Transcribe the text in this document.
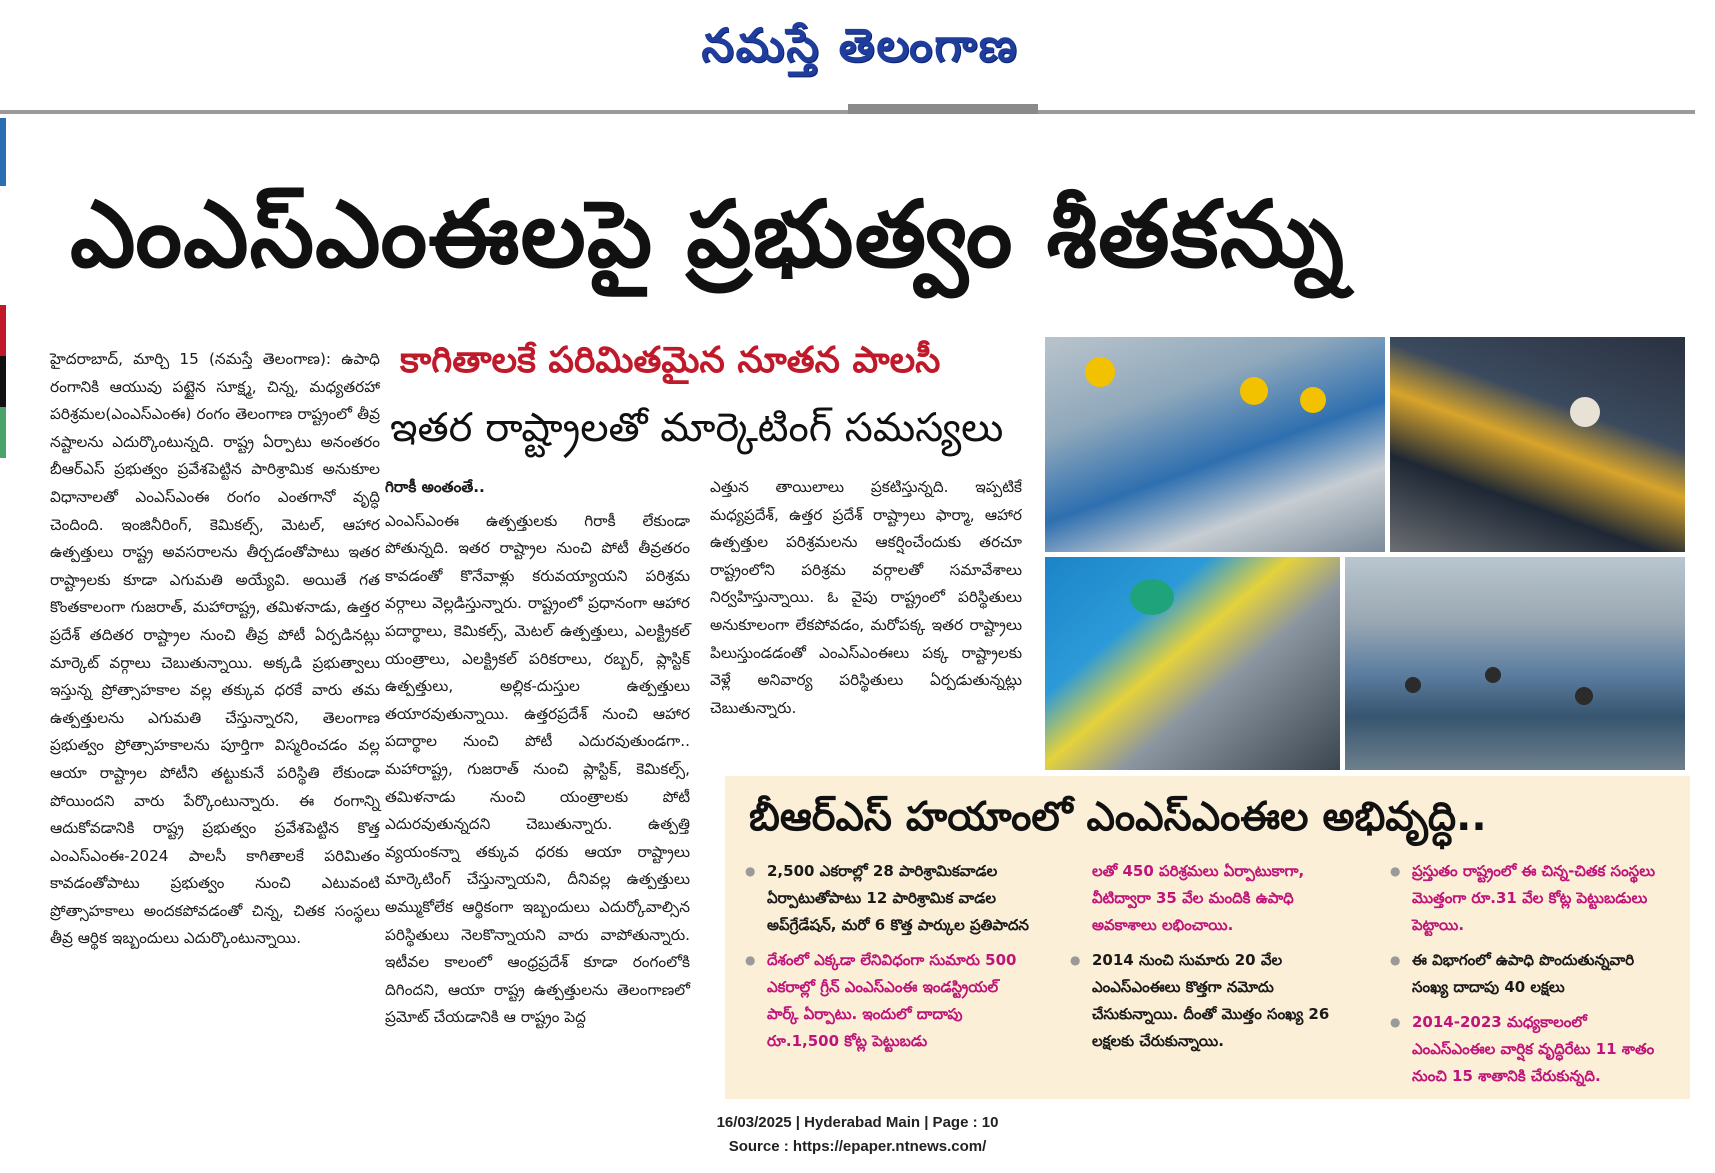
నమస్తే తెలంగాణ
ఎంఎస్ఎంఈలపై ప్రభుత్వం శీతకన్ను
కాగితాలకే పరిమితమైన నూతన పాలసీ
ఇతర రాష్ట్రాలతో మార్కెటింగ్ సమస్యలు

హైదరాబాద్, మార్చి 15 (నమస్తే తెలంగాణ): ఉపాధి రంగానికి ఆయువు పట్టైన సూక్ష్మ, చిన్న, మధ్యతరహా పరిశ్రమల(ఎంఎస్ఎంఈ) రంగం తెలంగాణ రాష్ట్రంలో తీవ్ర నష్టాలను ఎదుర్కొంటున్నది. రాష్ట్ర ఏర్పాటు అనంతరం బీఆర్ఎస్ ప్రభుత్వం ప్రవేశపెట్టిన పారిశ్రామిక అనుకూల విధానాలతో ఎంఎస్ఎంఈ రంగం ఎంతగానో వృద్ధి చెందింది. ఇంజినీరింగ్, కెమికల్స్, మెటల్, ఆహార ఉత్పత్తులు రాష్ట్ర అవసరాలను తీర్చడంతోపాటు ఇతర రాష్ట్రాలకు కూడా ఎగుమతి అయ్యేవి. అయితే గత కొంతకాలంగా గుజరాత్, మహారాష్ట్ర, తమిళనాడు, ఉత్తర ప్రదేశ్ తదితర రాష్ట్రాల నుంచి తీవ్ర పోటీ ఏర్పడినట్లు మార్కెట్ వర్గాలు చెబుతున్నాయి. అక్కడి ప్రభుత్వాలు ఇస్తున్న ప్రోత్సాహకాల వల్ల తక్కువ ధరకే వారు తమ ఉత్పత్తులను ఎగుమతి చేస్తున్నారని, తెలంగాణ ప్రభుత్వం ప్రోత్సాహకాలను పూర్తిగా విస్మరించడం వల్ల ఆయా రాష్ట్రాల పోటీని తట్టుకునే పరిస్థితి లేకుండా పోయిందని వారు పేర్కొంటున్నారు. ఈ రంగాన్ని ఆదుకోవడానికి రాష్ట్ర ప్రభుత్వం ప్రవేశపెట్టిన కొత్త ఎంఎస్ఎంఈ-2024 పాలసీ కాగితాలకే పరిమితం కావడంతోపాటు ప్రభుత్వం నుంచి ఎటువంటి ప్రోత్సాహకాలు అందకపోవడంతో చిన్న, చితక సంస్థలు తీవ్ర ఆర్థిక ఇబ్బందులు ఎదుర్కొంటున్నాయి.

గిరాకీ అంతంతే..

ఎంఎస్ఎంఈ ఉత్పత్తులకు గిరాకీ లేకుండా పోతున్నది. ఇతర రాష్ట్రాల నుంచి పోటీ తీవ్రతరం కావడంతో కొనేవాళ్లు కరువయ్యాయని పరిశ్రమ వర్గాలు వెల్లడిస్తున్నారు. రాష్ట్రంలో ప్రధానంగా ఆహార పదార్థాలు, కెమికల్స్, మెటల్ ఉత్పత్తులు, ఎలక్ట్రికల్ యంత్రాలు, ఎలక్ట్రికల్ పరికరాలు, రబ్బర్, ప్లాస్టిక్ ఉత్పత్తులు, అల్లిక-దుస్తుల ఉత్పత్తులు తయారవుతున్నాయి. ఉత్తరప్రదేశ్ నుంచి ఆహార పదార్థాల నుంచి పోటీ ఎదురవుతుండగా.. మహారాష్ట్ర, గుజరాత్ నుంచి ప్లాస్టిక్, కెమికల్స్, తమిళనాడు నుంచి యంత్రాలకు పోటీ ఎదురవుతున్నదని చెబుతున్నారు. ఉత్పత్తి వ్యయంకన్నా తక్కువ ధరకు ఆయా రాష్ట్రాలు మార్కెటింగ్ చేస్తున్నాయని, దీనివల్ల ఉత్పత్తులు అమ్ముకోలేక ఆర్థికంగా ఇబ్బందులు ఎదుర్కోవాల్సిన పరిస్థితులు నెలకొన్నాయని వారు వాపోతున్నారు. ఇటీవల కాలంలో ఆంధ్రప్రదేశ్ కూడా రంగంలోకి దిగిందని, ఆయా రాష్ట్ర ఉత్పత్తులను తెలంగాణలో ప్రమోట్ చేయడానికి ఆ రాష్ట్రం పెద్ద

ఎత్తున తాయిలాలు ప్రకటిస్తున్నది. ఇప్పటికే మధ్యప్రదేశ్, ఉత్తర ప్రదేశ్ రాష్ట్రాలు ఫార్మా, ఆహార ఉత్పత్తుల పరిశ్రమలను ఆకర్షించేందుకు తరచూ రాష్ట్రంలోని పరిశ్రమ వర్గాలతో సమావేశాలు నిర్వహిస్తున్నాయి. ఓ వైపు రాష్ట్రంలో పరిస్థితులు అనుకూలంగా లేకపోవడం, మరోపక్క ఇతర రాష్ట్రాలు పిలుస్తుండడంతో ఎంఎస్ఎంఈలు పక్క రాష్ట్రాలకు వెళ్లే అనివార్య పరిస్థితులు ఏర్పడుతున్నట్లు చెబుతున్నారు.

బీఆర్ఎస్ హయాంలో ఎంఎస్ఎంఈల అభివృద్ధి..
● 2,500 ఎకరాల్లో 28 పారిశ్రామికవాడల ఏర్పాటుతోపాటు 12 పారిశ్రామిక వాడల అప్‌గ్రేడేషన్, మరో 6 కొత్త పార్కుల ప్రతిపాదన
● దేశంలో ఎక్కడా లేనివిధంగా సుమారు 500 ఎకరాల్లో గ్రీన్ ఎంఎస్ఎంఈ ఇండస్ట్రియల్ పార్క్ ఏర్పాటు. ఇందులో దాదాపు రూ.1,500 కోట్ల పెట్టుబడు
లతో 450 పరిశ్రమలు ఏర్పాటుకాగా, వీటిద్వారా 35 వేల మందికి ఉపాధి అవకాశాలు లభించాయి.
● 2014 నుంచి సుమారు 20 వేల ఎంఎస్ఎంఈలు కొత్తగా నమోదు చేసుకున్నాయి. దీంతో మొత్తం సంఖ్య 26 లక్షలకు చేరుకున్నాయి.
● ప్రస్తుతం రాష్ట్రంలో ఈ చిన్న-చితక సంస్థలు మొత్తంగా రూ.31 వేల కోట్ల పెట్టుబడులు పెట్టాయి.
● ఈ విభాగంలో ఉపాధి పొందుతున్నవారి సంఖ్య దాదాపు 40 లక్షలు
● 2014-2023 మధ్యకాలంలో ఎంఎస్ఎంఈల వార్షిక వృద్ధిరేటు 11 శాతం నుంచి 15 శాతానికి చేరుకున్నది.
16/03/2025 | Hyderabad Main | Page : 10
Source : https://epaper.ntnews.com/
